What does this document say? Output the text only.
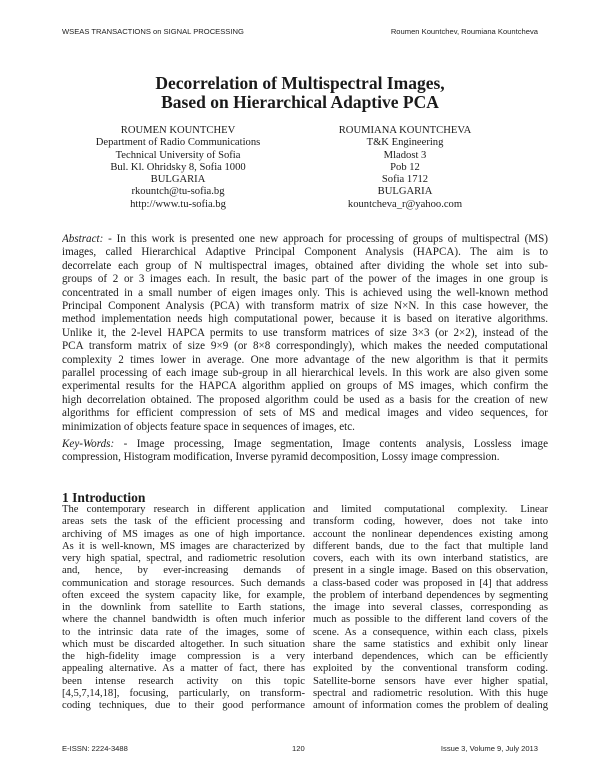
WSEAS TRANSACTIONS on SIGNAL PROCESSING	Roumen Kountchev, Roumiana Kountcheva
Decorrelation of Multispectral Images,
Based on Hierarchical Adaptive PCA
ROUMEN KOUNTCHEV
Department of Radio Communications
Technical University of Sofia
Bul. Kl. Ohridsky 8, Sofia 1000
BULGARIA
rkountch@tu-sofia.bg
http://www.tu-sofia.bg
ROUMIANA KOUNTCHEVA
T&K Engineering
Mladost 3
Pob 12
Sofia 1712
BULGARIA
kountcheva_r@yahoo.com
Abstract: - In this work is presented one new approach for processing of groups of multispectral (MS)
images, called Hierarchical Adaptive Principal Component Analysis (HAPCA). The aim is to
decorrelate each group of N multispectral images, obtained after dividing the whole set into sub-
groups of 2 or 3 images each. In result, the basic part of the power of the images in one group is
concentrated in a small number of eigen images only. This is achieved using the well-known method
Principal Component Analysis (PCA) with transform matrix of size N×N. In this case however, the
method implementation needs high computational power, because it is based on iterative algorithms.
Unlike it, the 2-level HAPCA permits to use transform matrices of size 3×3 (or 2×2), instead of the
PCA transform matrix of size 9×9 (or 8×8 correspondingly), which makes the needed computational
complexity 2 times lower in average. One more advantage of the new algorithm is that it permits
parallel processing of each image sub-group in all hierarchical levels. In this work are also given some
experimental results for the HAPCA algorithm applied on groups of MS images, which confirm the
high decorrelation obtained. The proposed algorithm could be used as a basis for the creation of new
algorithms for efficient compression of sets of MS and medical images and video sequences, for
minimization of objects feature space in sequences of images, etc.
Key-Words: - Image processing, Image segmentation, Image contents analysis, Lossless image
compression, Histogram modification, Inverse pyramid decomposition, Lossy image compression.
1 Introduction
The contemporary research in different application
areas sets the task of the efficient processing and
archiving of MS images as one of high importance.
As it is well-known, MS images are characterized by
very high spatial, spectral, and radiometric resolution
and, hence, by ever-increasing demands of
communication and storage resources. Such demands
often exceed the system capacity like, for example,
in the downlink from satellite to Earth stations,
where the channel bandwidth is often much inferior
to the intrinsic data rate of the images, some of
which must be discarded altogether. In such situation
the high-fidelity image compression is a very
appealing alternative. As a matter of fact, there has
been intense research activity on this topic
[4,5,7,14,18], focusing, particularly, on transform-
coding techniques, due to their good performance
and limited computational complexity. Linear
transform coding, however, does not take into
account the nonlinear dependences existing among
different bands, due to the fact that multiple land
covers, each with its own interband statistics, are
present in a single image. Based on this observation,
a class-based coder was proposed in [4] that address
the problem of interband dependences by segmenting
the image into several classes, corresponding as
much as possible to the different land covers of the
scene. As a consequence, within each class, pixels
share the same statistics and exhibit only linear
interband dependences, which can be efficiently
exploited by the conventional transform coding.
Satellite-borne sensors have ever higher spatial,
spectral and radiometric resolution. With this huge
amount of information comes the problem of dealing
E-ISSN: 2224-3488	120	Issue 3, Volume 9, July 2013
